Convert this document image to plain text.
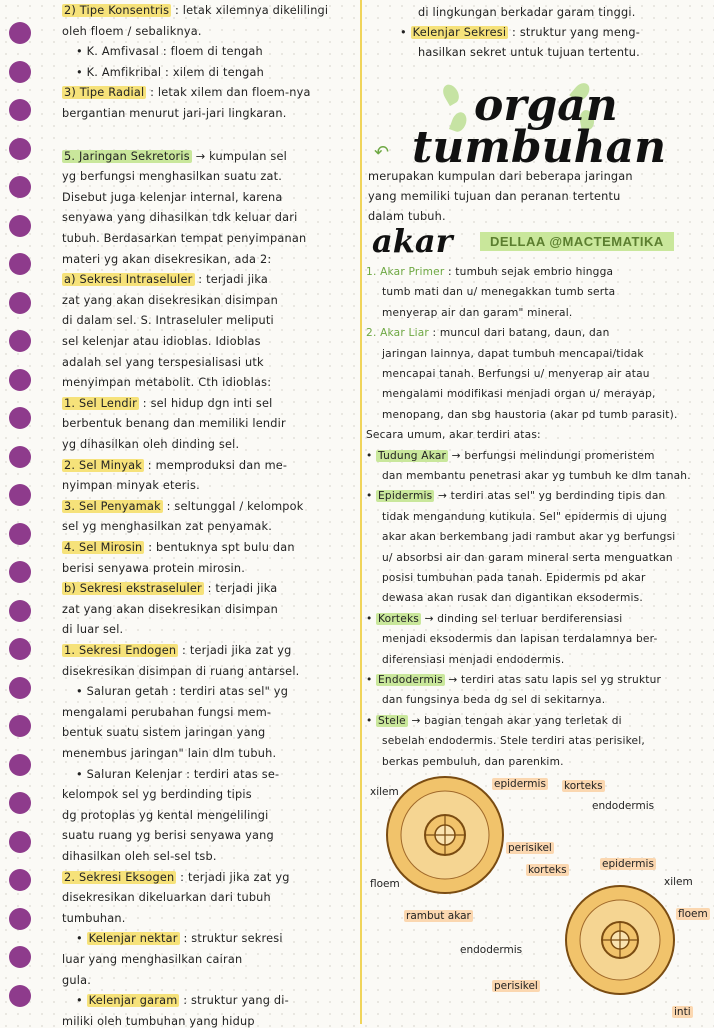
2) Tipe Konsentris : letak xilemnya dikelilingi
oleh floem / sebaliknya.
• K. Amfivasal : floem di tengah
• K. Amfikribal : xilem di tengah
3) Tipe Radial : letak xilem dan floem-nya
bergantian menurut jari-jari lingkaran.
5. Jaringan Sekretoris → kumpulan sel
yg berfungsi menghasilkan suatu zat.
Disebut juga kelenjar internal, karena
senyawa yang dihasilkan tdk keluar dari
tubuh. Berdasarkan tempat penyimpanan
materi yg akan disekresikan, ada 2:
a) Sekresi Intraseluler : terjadi jika
zat yang akan disekresikan disimpan
di dalam sel. S. Intraseluler meliputi
sel kelenjar atau idioblas. Idioblas
adalah sel yang terspesialisasi utk
menyimpan metabolit. Cth idioblas:
1. Sel Lendir : sel hidup dgn inti sel
berbentuk benang dan memiliki lendir
yg dihasilkan oleh dinding sel.
2. Sel Minyak : memproduksi dan me-
nyimpan minyak eteris.
3. Sel Penyamak : seltunggal / kelompok
sel yg menghasilkan zat penyamak.
4. Sel Mirosin : bentuknya spt bulu dan
berisi senyawa protein mirosin.
b) Sekresi ekstraseluler : terjadi jika
zat yang akan disekresikan disimpan
di luar sel.
1. Sekresi Endogen : terjadi jika zat yg
disekresikan disimpan di ruang antarsel.
• Saluran getah : terdiri atas sel" yg
mengalami perubahan fungsi mem-
bentuk suatu sistem jaringan yang
menembus jaringan" lain dlm tubuh.
• Saluran Kelenjar : terdiri atas se-
kelompok sel yg berdinding tipis
dg protoplas yg kental mengelilingi
suatu ruang yg berisi senyawa yang
dihasilkan oleh sel-sel tsb.
2. Sekresi Eksogen : terjadi jika zat yg
disekresikan dikeluarkan dari tubuh
tumbuhan.
• Kelenjar nektar : struktur sekresi
luar yang menghasilkan cairan
gula.
• Kelenjar garam : struktur yang di-
miliki oleh tumbuhan yang hidup
di lingkungan berkadar garam tinggi.
• Kelenjar Sekresi : struktur yang meng-
hasilkan sekret untuk tujuan tertentu.
organ
tumbuhan
↶
merupakan kumpulan dari beberapa jaringan
yang memiliki tujuan dan peranan tertentu
dalam tubuh.
akar	DELLAA @MACTEMATIKA
1. Akar Primer : tumbuh sejak embrio hingga
tumb mati dan u/ menegakkan tumb serta
menyerap air dan garam" mineral.
2. Akar Liar : muncul dari batang, daun, dan
jaringan lainnya, dapat tumbuh mencapai/tidak
mencapai tanah. Berfungsi u/ menyerap air atau
mengalami modifikasi menjadi organ u/ merayap,
menopang, dan sbg haustoria (akar pd tumb parasit).
Secara umum, akar terdiri atas:
• Tudung Akar → berfungsi melindungi promeristem
dan membantu penetrasi akar yg tumbuh ke dlm tanah.
• Epidermis → terdiri atas sel" yg berdinding tipis dan
tidak mengandung kutikula. Sel" epidermis di ujung
akar akan berkembang jadi rambut akar yg berfungsi
u/ absorbsi air dan garam mineral serta menguatkan
posisi tumbuhan pada tanah. Epidermis pd akar
dewasa akan rusak dan digantikan eksodermis.
• Korteks → dinding sel terluar berdiferensiasi
menjadi eksodermis dan lapisan terdalamnya ber-
diferensiasi menjadi endodermis.
• Endodermis → terdiri atas satu lapis sel yg struktur
dan fungsinya beda dg sel di sekitarnya.
• Stele → bagian tengah akar yang terletak di
sebelah endodermis. Stele terdiri atas perisikel,
berkas pembuluh, dan parenkim.
xilem
epidermis korteks
endodermis
perisikel
floem
korteks	epidermis
xilem
floem
rambut akar
endodermis
perisikel
inti
